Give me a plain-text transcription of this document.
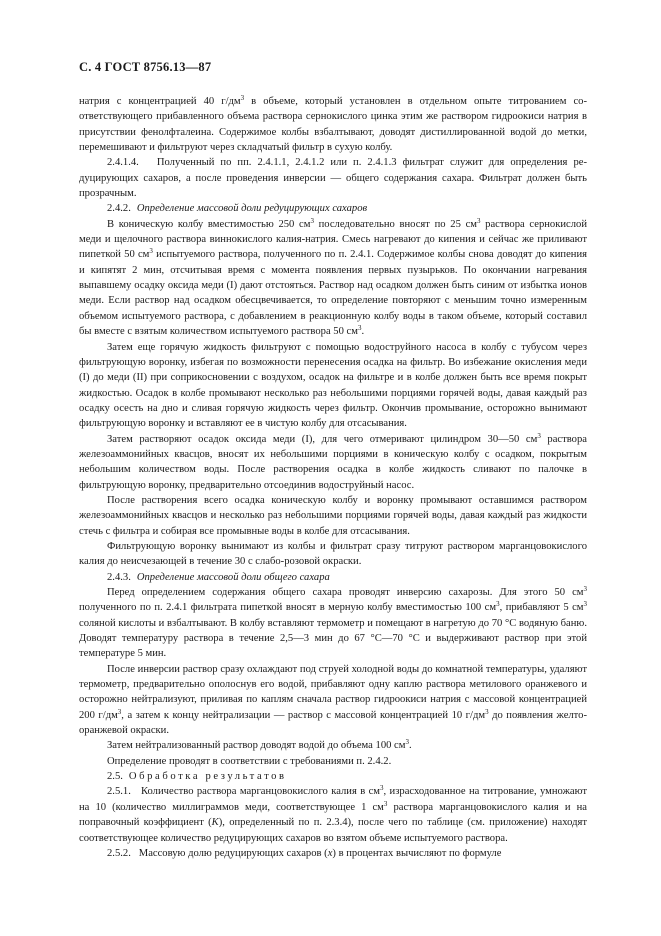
С. 4 ГОСТ 8756.13—87

натрия с концентрацией 40 $г/дм^3$ в объеме, который установлен в отдельном опыте титрованием соответствующего прибавленного объема раствора сернокислого цинка этим же раствором гидроокиси натрия в присутствии фенолфталеина. Содержимое колбы взбалтывают, доводят дистиллированной водой до метки, перемешивают и фильтруют через складчатый фильтр в сухую колбу.

2.4.1.4.   Полученный по пп. 2.4.1.1, 2.4.1.2 или п. 2.4.1.3 фильтрат служит для определения редуцирующих сахаров, а после проведения инверсии — общего содержания сахара. Фильтрат должен быть прозрачным.

2.4.2. Определение массовой доли редуцирующих сахаров

В коническую колбу вместимостью 250 $см^3$ последовательно вносят по 25 $см^3$ раствора сернокислой меди и щелочного раствора виннокислого калия-натрия. Смесь нагревают до кипения и сейчас же приливают пипеткой 50 $см^3$ испытуемого раствора, полученного по п. 2.4.1. Содержимое колбы снова доводят до кипения и кипятят 2 мин, отсчитывая время с момента появления первых пузырьков. По окончании нагревания выпавшему осадку оксида меди (I) дают отстояться. Раствор над осадком должен быть синим от избытка ионов меди. Если раствор над осадком обесцвечивается, то определение повторяют с меньшим точно измеренным объемом испытуемого раствора, с добавлением в реакционную колбу воды в таком объеме, который составил бы вместе с взятым количеством испытуемого раствора 50 $см^3$.

Затем еще горячую жидкость фильтруют с помощью водоструйного насоса в колбу с тубусом через фильтрующую воронку, избегая по возможности перенесения осадка на фильтр. Во избежание окисления меди (I) до меди (II) при соприкосновении с воздухом, осадок на фильтре и в колбе должен быть все время покрыт жидкостью. Осадок в колбе промывают несколько раз небольшими порциями горячей воды, давая каждый раз осадку осесть на дно и сливая горячую жидкость через фильтр. Окончив промывание, осторожно вынимают фильтрующую воронку и вставляют ее в чистую колбу для отсасывания.

Затем растворяют осадок оксида меди (I), для чего отмеривают цилиндром 30—50 $см^3$ раствора железоаммонийных квасцов, вносят их небольшими порциями в коническую колбу с осадком, покрытым небольшим количеством воды. После растворения осадка в колбе жидкость сливают по палочке в фильтрующую воронку, предварительно отсоединив водоструйный насос.

После растворения всего осадка коническую колбу и воронку промывают оставшимся раствором железоаммонийных квасцов и несколько раз небольшими порциями горячей воды, давая каждый раз жидкости стечь с фильтра и собирая все промывные воды в колбе для отсасывания.

Фильтрующую воронку вынимают из колбы и фильтрат сразу титруют раствором марганцовокислого калия до неисчезающей в течение 30 с слабо-розовой окраски.

2.4.3. Определение массовой доли общего сахара

Перед определением содержания общего сахара проводят инверсию сахарозы. Для этого 50 $см^3$ полученного по п. 2.4.1 фильтрата пипеткой вносят в мерную колбу вместимостью 100 $см^3$, прибавляют 5 $см^3$ соляной кислоты и взбалтывают. В колбу вставляют термометр и помещают в нагретую до 70 °С водяную баню. Доводят температуру раствора в течение 2,5—3 мин до 67 °С—70 °С и выдерживают раствор при этой температуре 5 мин.

После инверсии раствор сразу охлаждают под струей холодной воды до комнатной температуры, удаляют термометр, предварительно ополоснув его водой, прибавляют одну каплю раствора метилового оранжевого и осторожно нейтрализуют, приливая по каплям сначала раствор гидроокиси натрия с массовой концентрацией 200 $г/дм^3$, а затем к концу нейтрализации — раствор с массовой концентрацией 10 $г/дм^3$ до появления желто-оранжевой окраски.

Затем нейтрализованный раствор доводят водой до объема 100 $см^3$.

Определение проводят в соответствии с требованиями п. 2.4.2.

2.5. Обработка результатов

2.5.1.   Количество раствора марганцовокислого калия в $см^3$, израсходованное на титрование, умножают на 10 (количество миллиграммов меди, соответствующее 1 $см^3$ раствора марганцовокислого калия и на поправочный коэффициент (K), определенный по п. 2.3.4), после чего по таблице (см. приложение) находят соответствующее количество редуцирующих сахаров во взятом объеме испытуемого раствора.

2.5.2.   Массовую долю редуцирующих сахаров (x) в процентах вычисляют по формуле
